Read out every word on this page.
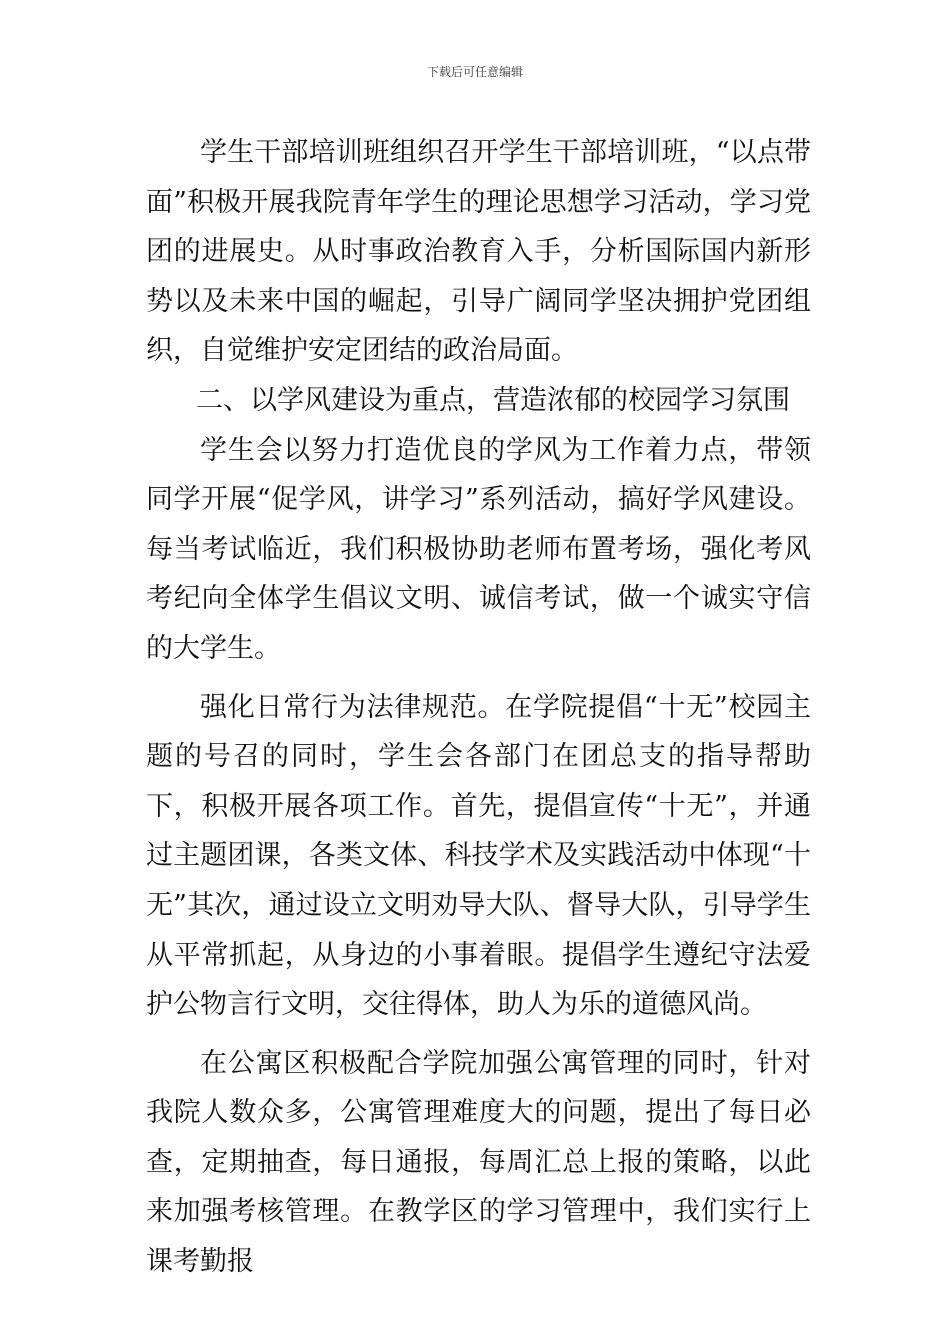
下载后可任意编辑

学生干部培训班组织召开学生干部培训班，“以点带面”积极开展我院青年学生的理论思想学习活动，学习党团的进展史。从时事政治教育入手，分析国际国内新形势以及未来中国的崛起，引导广阔同学坚决拥护党团组织，自觉维护安定团结的政治局面。

二、以学风建设为重点，营造浓郁的校园学习氛围

学生会以努力打造优良的学风为工作着力点，带领同学开展“促学风，讲学习”系列活动，搞好学风建设。每当考试临近，我们积极协助老师布置考场，强化考风考纪向全体学生倡议文明、诚信考试，做一个诚实守信的大学生。

强化日常行为法律规范。在学院提倡“十无”校园主题的号召的同时，学生会各部门在团总支的指导帮助下，积极开展各项工作。首先，提倡宣传“十无”，并通过主题团课，各类文体、科技学术及实践活动中体现“十无”其次，通过设立文明劝导大队、督导大队，引导学生从平常抓起，从身边的小事着眼。提倡学生遵纪守法爱护公物言行文明，交往得体，助人为乐的道德风尚。

在公寓区积极配合学院加强公寓管理的同时，针对我院人数众多，公寓管理难度大的问题，提出了每日必查，定期抽查，每日通报，每周汇总上报的策略，以此来加强考核管理。在教学区的学习管理中，我们实行上课考勤报
